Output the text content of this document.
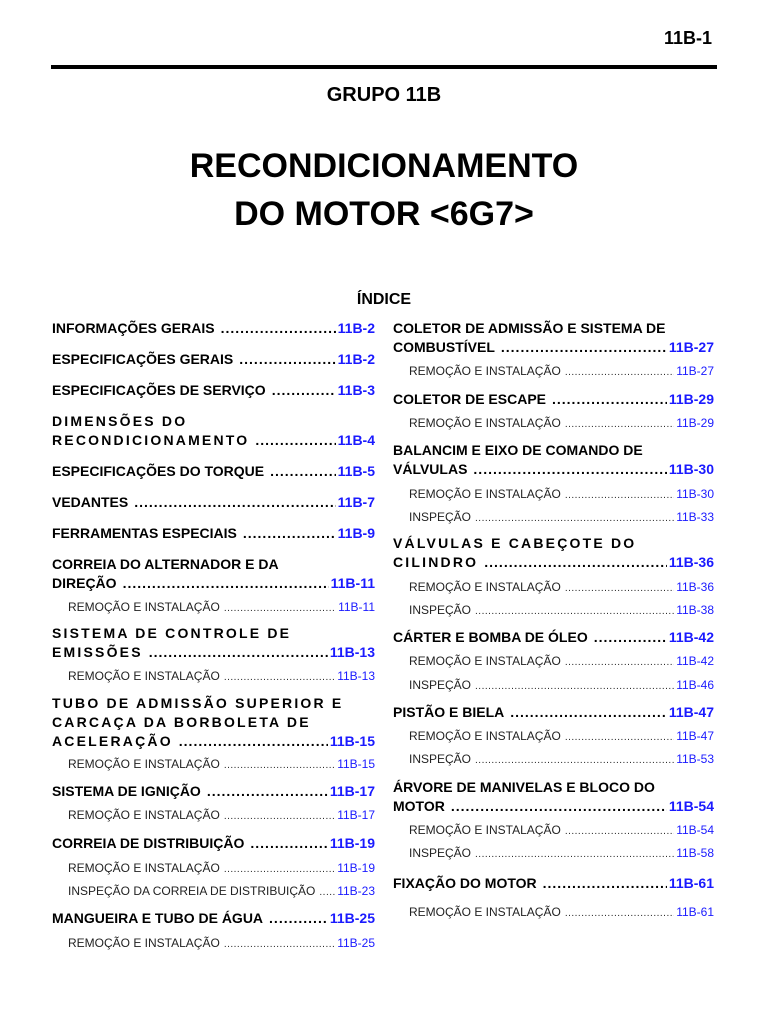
11B-1
GRUPO 11B
RECONDICIONAMENTO
DO MOTOR <6G7>
ÍNDICE
INFORMAÇÕES GERAIS .....	11B-2
ESPECIFICAÇÕES GERAIS .....	11B-2
ESPECIFICAÇÕES DE SERVIÇO .....	11B-3
DIMENSÕES DO
RECONDICIONAMENTO .....	11B-4
ESPECIFICAÇÕES DO TORQUE .....	11B-5
VEDANTES .....	11B-7
FERRAMENTAS ESPECIAIS .....	11B-9
CORREIA DO ALTERNADOR E DA
DIREÇÃO .....	11B-11
REMOÇÃO E INSTALAÇÃO .....	11B-11
SISTEMA DE CONTROLE DE
EMISSÕES .....	11B-13
REMOÇÃO E INSTALAÇÃO .....	11B-13
TUBO DE ADMISSÃO SUPERIOR E
CARCAÇA DA BORBOLETA DE
ACELERAÇÃO .....	11B-15
REMOÇÃO E INSTALAÇÃO .....	11B-15
SISTEMA DE IGNIÇÃO .....	11B-17
REMOÇÃO E INSTALAÇÃO .....	11B-17
CORREIA DE DISTRIBUIÇÃO .....	11B-19
REMOÇÃO E INSTALAÇÃO .....	11B-19
INSPEÇÃO DA CORREIA DE DISTRIBUIÇÃO ..... 11B-23
MANGUEIRA E TUBO DE ÁGUA .....	11B-25
REMOÇÃO E INSTALAÇÃO .....	11B-25
COLETOR DE ADMISSÃO E SISTEMA DE
COMBUSTÍVEL .....	11B-27
REMOÇÃO E INSTALAÇÃO .....	11B-27
COLETOR DE ESCAPE .....	11B-29
REMOÇÃO E INSTALAÇÃO .....	11B-29
BALANCIM E EIXO DE COMANDO DE
VÁLVULAS .....	11B-30
REMOÇÃO E INSTALAÇÃO .....	11B-30
INSPEÇÃO .....	11B-33
VÁLVULAS E CABEÇOTE DO
CILINDRO .....	11B-36
REMOÇÃO E INSTALAÇÃO .....	11B-36
INSPEÇÃO .....	11B-38
CÁRTER E BOMBA DE ÓLEO .....	11B-42
REMOÇÃO E INSTALAÇÃO .....	11B-42
INSPEÇÃO .....	11B-46
PISTÃO E BIELA .....	11B-47
REMOÇÃO E INSTALAÇÃO .....	11B-47
INSPEÇÃO .....	11B-53
ÁRVORE DE MANIVELAS E BLOCO DO
MOTOR .....	11B-54
REMOÇÃO E INSTALAÇÃO .....	11B-54
INSPEÇÃO .....	11B-58
FIXAÇÃO DO MOTOR .....	11B-61
REMOÇÃO E INSTALAÇÃO .....	11B-61
